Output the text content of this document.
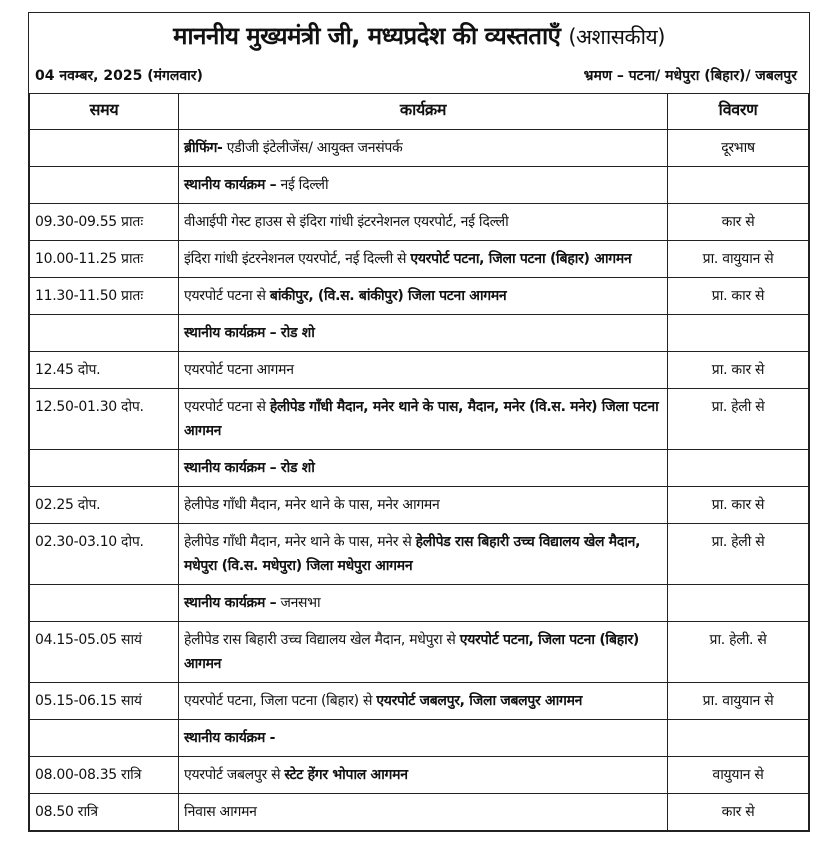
माननीय मुख्यमंत्री जी, मध्यप्रदेश की व्यस्तताएँ (अशासकीय)
04 नवम्बर, 2025 (मंगलवार)	भ्रमण – पटना/ मधेपुरा (बिहार)/ जबलपुर
समय	कार्यक्रम	विवरण
	ब्रीफिंग- एडीजी इंटेलीजेंस/ आयुक्त जनसंपर्क	दूरभाष
	स्थानीय कार्यक्रम – नई दिल्ली	
09.30-09.55 प्रातः	वीआईपी गेस्ट हाउस से इंदिरा गांधी इंटरनेशनल एयरपोर्ट, नई दिल्ली	कार से
10.00-11.25 प्रातः	इंदिरा गांधी इंटरनेशनल एयरपोर्ट, नई दिल्ली से एयरपोर्ट पटना, जिला पटना (बिहार) आगमन	प्रा. वायुयान से
11.30-11.50 प्रातः	एयरपोर्ट पटना से बांकीपुर, (वि.स. बांकीपुर) जिला पटना आगमन	प्रा. कार से
	स्थानीय कार्यक्रम – रोड शो	
12.45 दोप.	एयरपोर्ट पटना आगमन	प्रा. कार से
12.50-01.30 दोप.	एयरपोर्ट पटना से हेलीपेड गाँधी मैदान, मनेर थाने के पास, मैदान, मनेर (वि.स. मनेर) जिला पटना आगमन	प्रा. हेली से
	स्थानीय कार्यक्रम – रोड शो	
02.25 दोप.	हेलीपेड गाँधी मैदान, मनेर थाने के पास, मनेर आगमन	प्रा. कार से
02.30-03.10 दोप.	हेलीपेड गाँधी मैदान, मनेर थाने के पास, मनेर से हेलीपेड रास बिहारी उच्च विद्यालय खेल मैदान, मधेपुरा (वि.स. मधेपुरा) जिला मधेपुरा आगमन	प्रा. हेली से
	स्थानीय कार्यक्रम – जनसभा	
04.15-05.05 सायं	हेलीपेड रास बिहारी उच्च विद्यालय खेल मैदान, मधेपुरा से एयरपोर्ट पटना, जिला पटना (बिहार) आगमन	प्रा. हेली. से
05.15-06.15 सायं	एयरपोर्ट पटना, जिला पटना (बिहार) से एयरपोर्ट जबलपुर, जिला जबलपुर आगमन	प्रा. वायुयान से
	स्थानीय कार्यक्रम -	
08.00-08.35 रात्रि	एयरपोर्ट जबलपुर से स्टेट हेंगर भोपाल आगमन	वायुयान से
08.50 रात्रि	निवास आगमन	कार से
